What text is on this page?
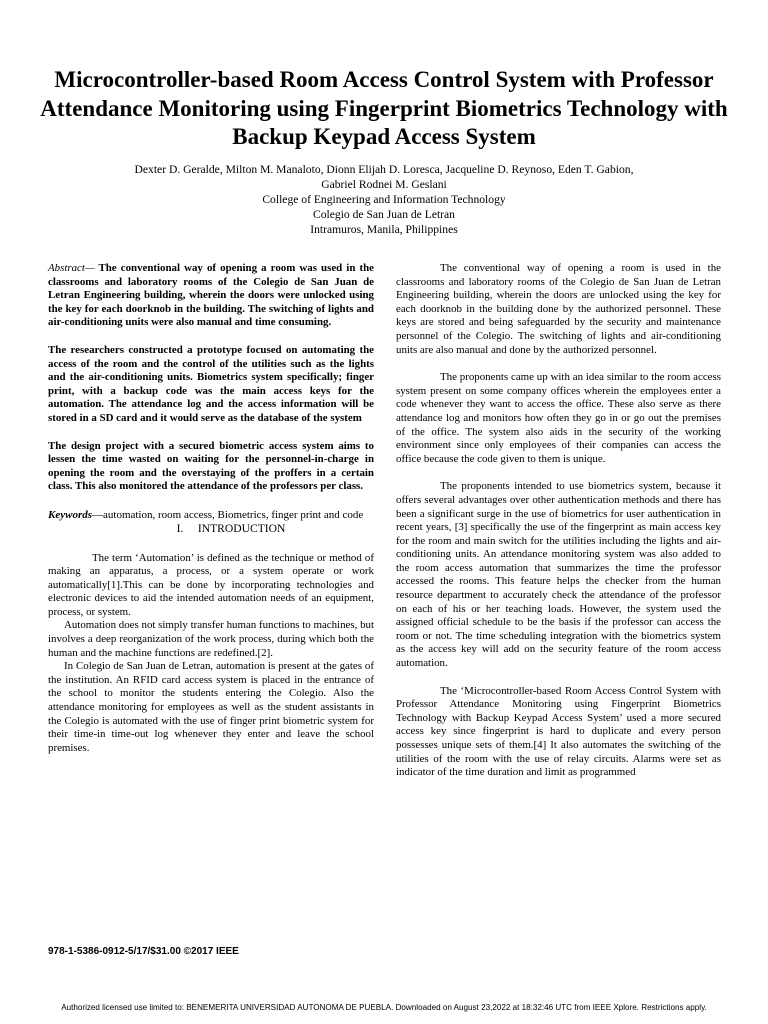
Microcontroller-based Room Access Control System with Professor Attendance Monitoring using Fingerprint Biometrics Technology with Backup Keypad Access System
Dexter D. Geralde, Milton M. Manaloto, Dionn Elijah D. Loresca, Jacqueline D. Reynoso, Eden T. Gabion,
Gabriel Rodnei M. Geslani
College of Engineering and Information Technology
Colegio de San Juan de Letran
Intramuros, Manila, Philippines

Abstract— The conventional way of opening a room was used in the classrooms and laboratory rooms of the Colegio de San Juan de Letran Engineering building, wherein the doors were unlocked using the key for each doorknob in the building. The switching of lights and air-conditioning units were also manual and time consuming.

The researchers constructed a prototype focused on automating the access of the room and the control of the utilities such as the lights and the air-conditioning units. Biometrics system specifically; finger print, with a backup code was the main access keys for the automation. The attendance log and the access information will be stored in a SD card and it would serve as the database of the system

The design project with a secured biometric access system aims to lessen the time wasted on waiting for the personnel-in-charge in opening the room and the overstaying of the proffers in a certain class. This also monitored the attendance of the professors per class.

Keywords—automation, room access, Biometrics, finger print and code

I.     INTRODUCTION

The term ‘Automation’ is defined as the technique or method of making an apparatus, a process, or a system operate or work automatically[1].This can be done by incorporating technologies and electronic devices to aid the intended automation needs of an equipment, process, or system.

Automation does not simply transfer human functions to machines, but involves a deep reorganization of the work process, during which both the human and the machine functions are redefined.[2].

In Colegio de San Juan de Letran, automation is present at the gates of the institution. An RFID card access system is placed in the entrance of the school to monitor the students entering the Colegio. Also the attendance monitoring for employees as well as the student assistants in the Colegio is automated with the use of finger print biometric system for their time-in time-out log whenever they enter and leave the school premises.

The conventional way of opening a room is used in the classrooms and laboratory rooms of the Colegio de San Juan de Letran Engineering building, wherein the doors are unlocked using the key for each doorknob in the building done by the authorized personnel. These keys are stored and being safeguarded by the security and maintenance personnel of the Colegio. The switching of lights and air-conditioning units are also manual and done by the authorized personnel.

The proponents came up with an idea similar to the room access system present on some company offices wherein the employees enter a code whenever they want to access the office. These also serve as there attendance log and monitors how often they go in or go out the premises of the office. The system also aids in the security of the working environment since only employees of their companies can access the office because the code given to them is unique.

The proponents intended to use biometrics system, because it offers several advantages over other authentication methods and there has been a significant surge in the use of biometrics for user authentication in recent years, [3] specifically the use of the fingerprint as main access key for the room and main switch for the utilities including the lights and air-conditioning units. An attendance monitoring system was also added to the room access automation that summarizes the time the professor accessed the rooms. This feature helps the checker from the human resource department to accurately check the attendance of the professor on each of his or her teaching loads. However, the system used the assigned official schedule to be the basis if the professor can access the room or not. The time scheduling integration with the biometrics system as the access key will add on the security feature of the room access automation.

The ‘Microcontroller-based Room Access Control System with Professor Attendance Monitoring using Fingerprint Biometrics Technology with Backup Keypad Access System’ used a more secured access key since fingerprint is hard to duplicate and every person possesses unique sets of them.[4] It also automates the switching of the utilities of the room with the use of relay circuits. Alarms were set as indicator of the time duration and limit as programmed

978-1-5386-0912-5/17/$31.00 ©2017 IEEE
Authorized licensed use limited to: BENEMERITA UNIVERSIDAD AUTONOMA DE PUEBLA. Downloaded on August 23,2022 at 18:32:46 UTC from IEEE Xplore. Restrictions apply.
